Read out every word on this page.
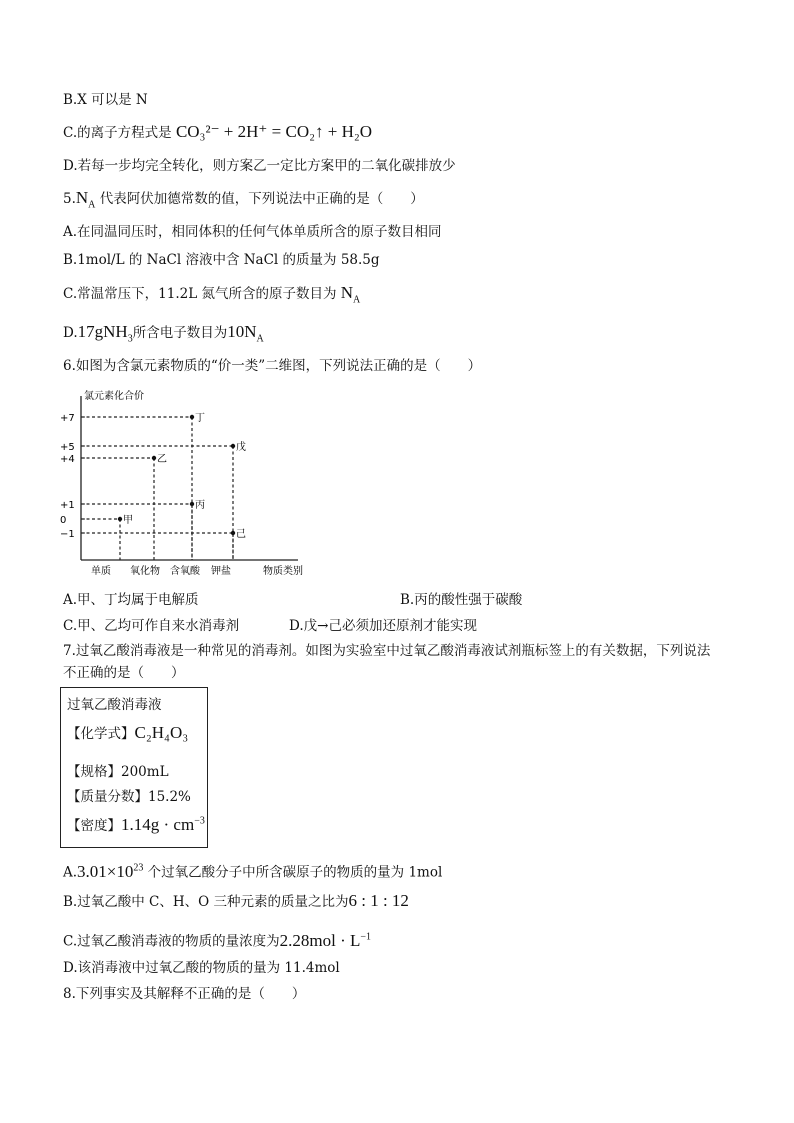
B.X 可以是 N
C.的离子方程式是 CO₃²⁻ + 2H⁺ = CO₂↑ + H₂O
D.若每一步均完全转化，则方案乙一定比方案甲的二氧化碳排放少
$5.N_A$ 代表阿伏加德常数的值，下列说法中正确的是（　　）
A.在同温同压时，相同体积的任何气体单质所含的原子数目相同
B.1mol/L 的 NaCl 溶液中含 NaCl 的质量为 58.5g
C.常温常压下，11.2L 氮气所含的原子数目为 $N_A$
D.17gNH$_3$所含电子数目为$10N_A$
6.如图为含氯元素物质的“价一类”二维图，下列说法正确的是（　　）
氯元素化合价
+7
+5
+4
+1
0
−1
单质 氧化物 含氧酸 钾盐	物质类别
甲
乙
丙
丁
戊
己
A.甲、丁均属于电解质	B.丙的酸性强于碳酸
C.甲、乙均可作自来水消毒剂	D.戊→己必须加还原剂才能实现
7.过氧乙酸消毒液是一种常见的消毒剂。如图为实验室中过氧乙酸消毒液试剂瓶标签上的有关数据，下列说法
不正确的是（　　）
过氧乙酸消毒液
【化学式】C₂H₄O₃
【规格】200mL
【质量分数】15.2%
【密度】$1.14g \cdot cm^{-3}$
$A.3.01\times 10^{23}$ 个过氧乙酸分子中所含碳原子的物质的量为 1mol
B.过氧乙酸中 C、H、O 三种元素的质量之比为6 : 1 : 12
C.过氧乙酸消毒液的物质的量浓度为$2.28mol \cdot L^{-1}$
D.该消毒液中过氧乙酸的物质的量为 11.4mol
8.下列事实及其解释不正确的是（　　）
